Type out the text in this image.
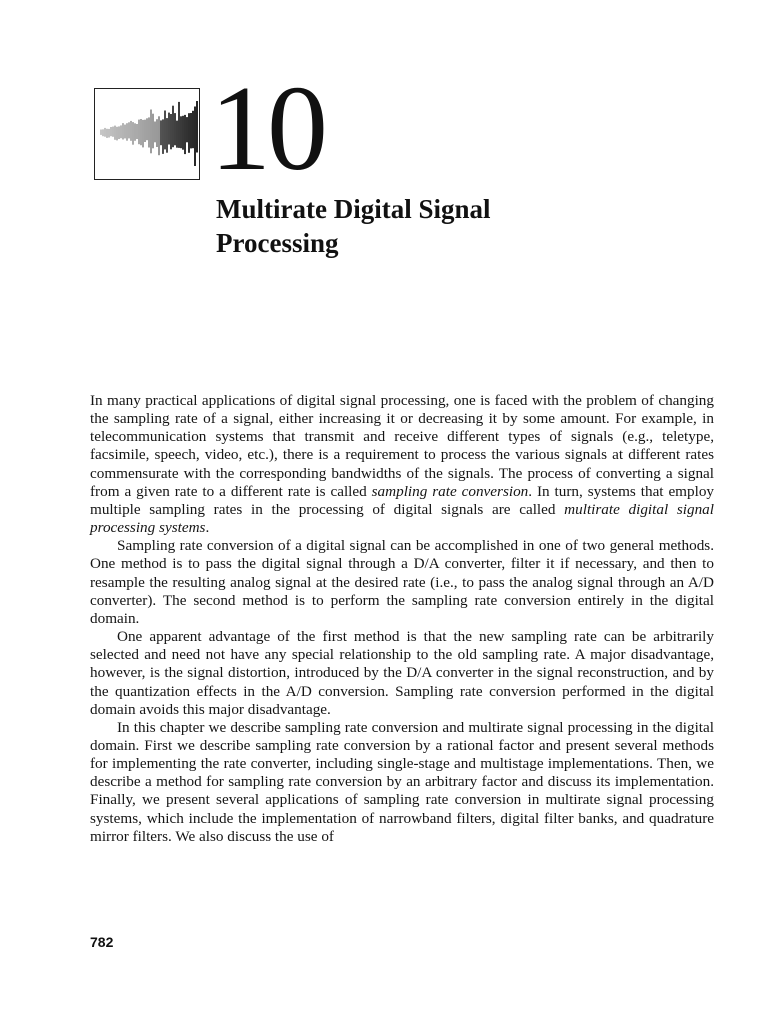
10
Multirate Digital Signal
Processing

In many practical applications of digital signal processing, one is faced with the problem of changing the sampling rate of a signal, either increasing it or decreasing it by some amount. For example, in telecommunication systems that transmit and receive different types of signals (e.g., teletype, facsimile, speech, video, etc.), there is a requirement to process the various signals at different rates commensurate with the corresponding bandwidths of the signals. The process of converting a signal from a given rate to a different rate is called sampling rate conversion. In turn, systems that employ multiple sampling rates in the processing of digital signals are called multirate digital signal processing systems.

Sampling rate conversion of a digital signal can be accomplished in one of two general methods. One method is to pass the digital signal through a D/A converter, filter it if necessary, and then to resample the resulting analog signal at the desired rate (i.e., to pass the analog signal through an A/D converter). The second method is to perform the sampling rate conversion entirely in the digital domain.

One apparent advantage of the first method is that the new sampling rate can be arbitrarily selected and need not have any special relationship to the old sampling rate. A major disadvantage, however, is the signal distortion, introduced by the D/A converter in the signal reconstruction, and by the quantization effects in the A/D conversion. Sampling rate conversion performed in the digital domain avoids this major disadvantage.

In this chapter we describe sampling rate conversion and multirate signal processing in the digital domain. First we describe sampling rate conversion by a rational factor and present several methods for implementing the rate converter, including single-stage and multistage implementations. Then, we describe a method for sampling rate conversion by an arbitrary factor and discuss its implementation. Finally, we present several applications of sampling rate conversion in multirate signal processing systems, which include the implementation of narrowband filters, digital filter banks, and quadrature mirror filters. We also discuss the use of

782
